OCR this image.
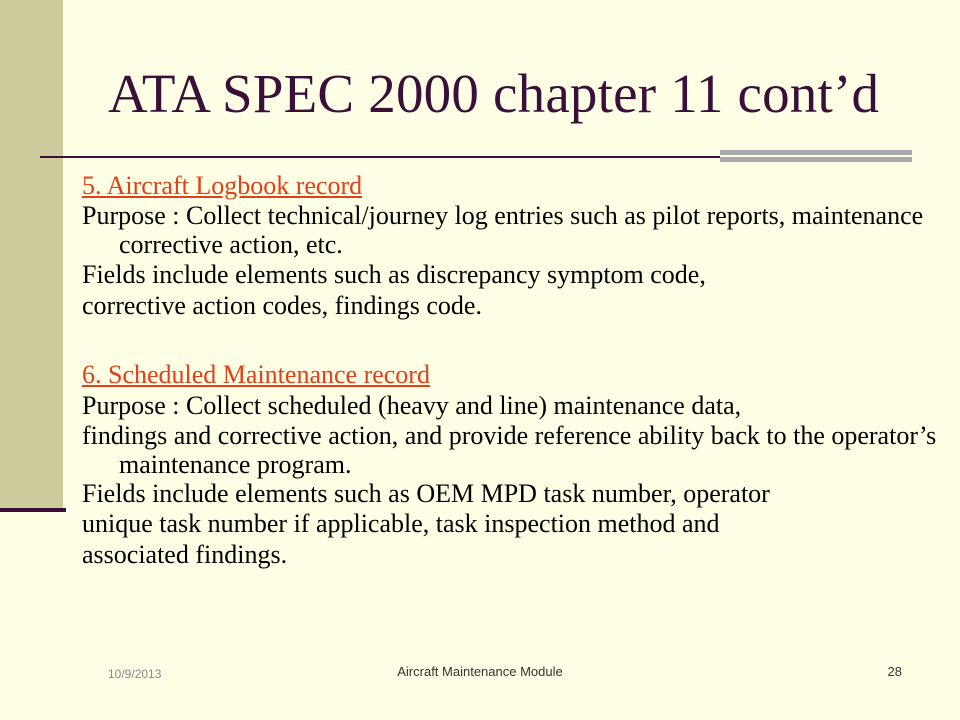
ATA SPEC 2000 chapter 11 cont’d

5. Aircraft Logbook record

Purpose : Collect technical/journey log entries such as pilot reports, maintenance corrective action, etc.

Fields include elements such as discrepancy symptom code,

corrective action codes, findings code.

6. Scheduled Maintenance record

Purpose : Collect scheduled (heavy and line) maintenance data,

findings and corrective action, and provide reference ability back to the operator’s maintenance program.

Fields include elements such as OEM MPD task number, operator

unique task number if applicable, task inspection method and

associated findings.

10/9/2013	Aircraft Maintenance Module	28
